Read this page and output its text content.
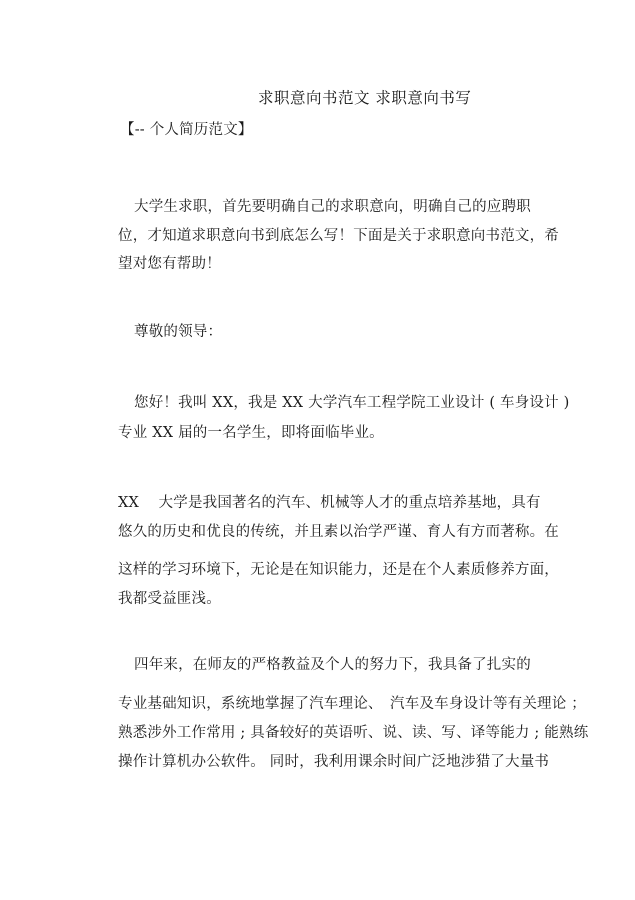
求职意向书范文 求职意向书写

【-- 个人简历范文】

大学生求职，首先要明确自己的求职意向，明确自己的应聘职

位，才知道求职意向书到底怎么写！下面是关于求职意向书范文，希

望对您有帮助！

尊敬的领导：

您好！我叫 XX，我是 XX 大学汽车工程学院工业设计 ( 车身设计 )

专业 XX 届的一名学生，即将面临毕业。

XX　 大学是我国著名的汽车、机械等人才的重点培养基地，具有

悠久的历史和优良的传统，并且素以治学严谨、育人有方而著称。在

这样的学习环境下，无论是在知识能力，还是在个人素质修养方面，

我都受益匪浅。

四年来，在师友的严格教益及个人的努力下，我具备了扎实的

专业基础知识，系统地掌握了汽车理论、　汽车及车身设计等有关理论 ；

熟悉涉外工作常用 ; 具备较好的英语听、说、读、写、译等能力 ; 能熟练

操作计算机办公软件。 同时，我利用课余时间广泛地涉猎了大量书
